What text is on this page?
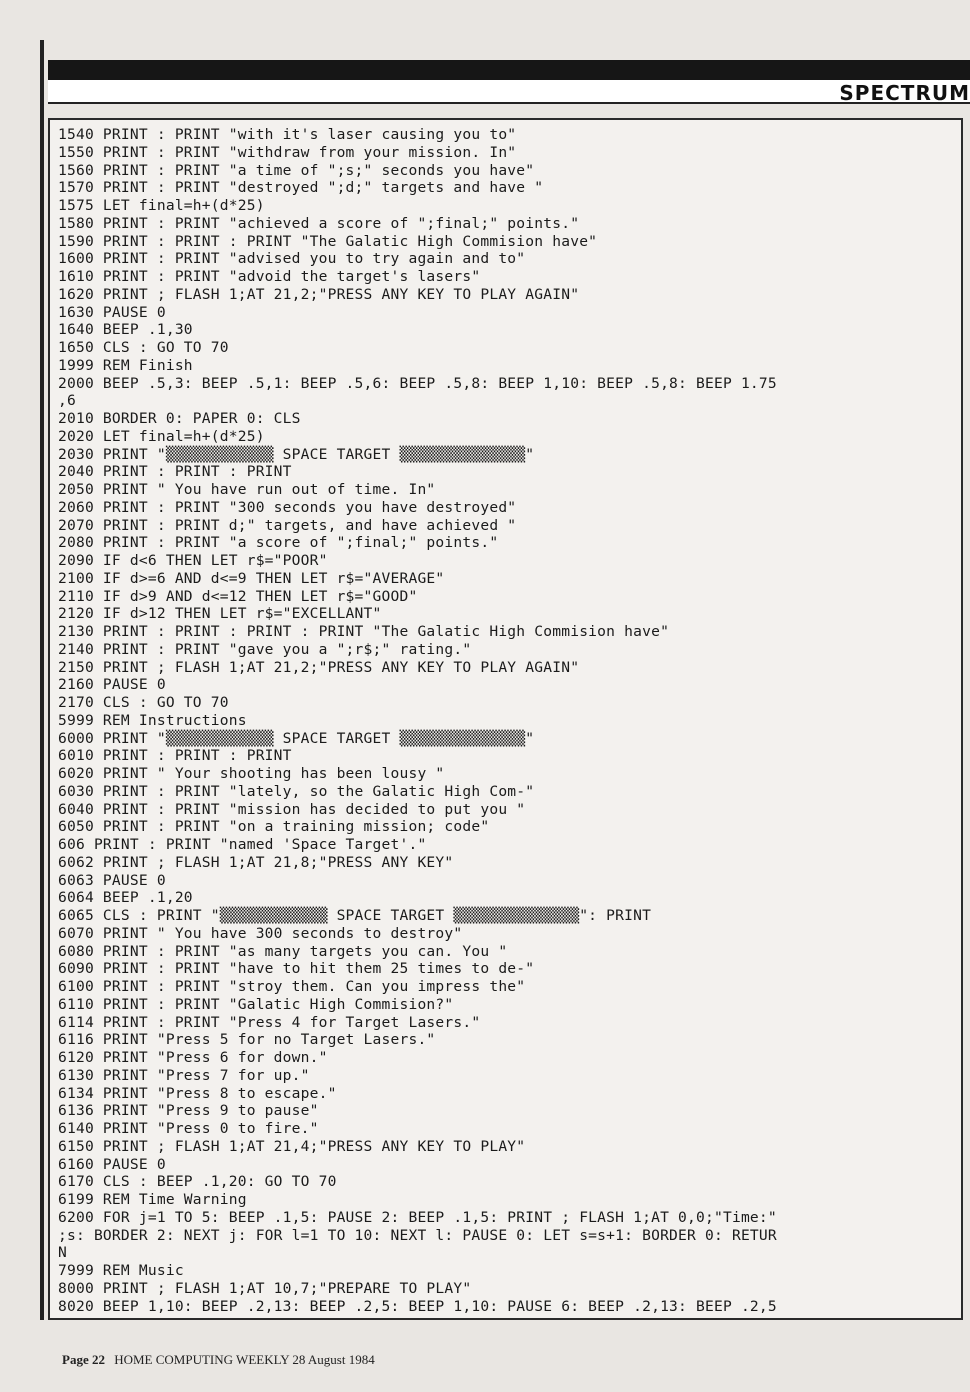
SPECTRUM
1540 PRINT : PRINT "with it's laser causing you to"
1550 PRINT : PRINT "withdraw from your mission. In"
1560 PRINT : PRINT "a time of ";s;" seconds you have"
1570 PRINT : PRINT "destroyed ";d;" targets and have "
1575 LET final=h+(d*25)
1580 PRINT : PRINT "achieved a score of ";final;" points."
1590 PRINT : PRINT : PRINT "The Galatic High Commision have"
1600 PRINT : PRINT "advised you to try again and to"
1610 PRINT : PRINT "advoid the target's lasers"
1620 PRINT ; FLASH 1;AT 21,2;"PRESS ANY KEY TO PLAY AGAIN"
1630 PAUSE 0
1640 BEEP .1,30
1650 CLS : GO TO 70
1999 REM Finish
2000 BEEP .5,3: BEEP .5,1: BEEP .5,6: BEEP .5,8: BEEP 1,10: BEEP .5,8: BEEP 1.75
,6
2010 BORDER 0: PAPER 0: CLS
2020 LET final=h+(d*25)
2030 PRINT "▒▒▒▒▒▒▒▒▒▒▒▒ SPACE TARGET ▒▒▒▒▒▒▒▒▒▒▒▒▒▒"
2040 PRINT : PRINT : PRINT
2050 PRINT " You have run out of time. In"
2060 PRINT : PRINT "300 seconds you have destroyed"
2070 PRINT : PRINT d;" targets, and have achieved "
2080 PRINT : PRINT "a score of ";final;" points."
2090 IF d<6 THEN LET r$="POOR"
2100 IF d>=6 AND d<=9 THEN LET r$="AVERAGE"
2110 IF d>9 AND d<=12 THEN LET r$="GOOD"
2120 IF d>12 THEN LET r$="EXCELLANT"
2130 PRINT : PRINT : PRINT : PRINT "The Galatic High Commision have"
2140 PRINT : PRINT "gave you a ";r$;" rating."
2150 PRINT ; FLASH 1;AT 21,2;"PRESS ANY KEY TO PLAY AGAIN"
2160 PAUSE 0
2170 CLS : GO TO 70
5999 REM Instructions
6000 PRINT "▒▒▒▒▒▒▒▒▒▒▒▒ SPACE TARGET ▒▒▒▒▒▒▒▒▒▒▒▒▒▒"
6010 PRINT : PRINT : PRINT
6020 PRINT " Your shooting has been lousy "
6030 PRINT : PRINT "lately, so the Galatic High Com-"
6040 PRINT : PRINT "mission has decided to put you "
6050 PRINT : PRINT "on a training mission; code"
606 PRINT : PRINT "named 'Space Target'."
6062 PRINT ; FLASH 1;AT 21,8;"PRESS ANY KEY"
6063 PAUSE 0
6064 BEEP .1,20
6065 CLS : PRINT "▒▒▒▒▒▒▒▒▒▒▒▒ SPACE TARGET ▒▒▒▒▒▒▒▒▒▒▒▒▒▒": PRINT
6070 PRINT " You have 300 seconds to destroy"
6080 PRINT : PRINT "as many targets you can. You "
6090 PRINT : PRINT "have to hit them 25 times to de-"
6100 PRINT : PRINT "stroy them. Can you impress the"
6110 PRINT : PRINT "Galatic High Commision?"
6114 PRINT : PRINT "Press 4 for Target Lasers."
6116 PRINT "Press 5 for no Target Lasers."
6120 PRINT "Press 6 for down."
6130 PRINT "Press 7 for up."
6134 PRINT "Press 8 to escape."
6136 PRINT "Press 9 to pause"
6140 PRINT "Press 0 to fire."
6150 PRINT ; FLASH 1;AT 21,4;"PRESS ANY KEY TO PLAY"
6160 PAUSE 0
6170 CLS : BEEP .1,20: GO TO 70
6199 REM Time Warning
6200 FOR j=1 TO 5: BEEP .1,5: PAUSE 2: BEEP .1,5: PRINT ; FLASH 1;AT 0,0;"Time:"
;s: BORDER 2: NEXT j: FOR l=1 TO 10: NEXT l: PAUSE 0: LET s=s+1: BORDER 0: RETUR
N
7999 REM Music
8000 PRINT ; FLASH 1;AT 10,7;"PREPARE TO PLAY"
8020 BEEP 1,10: BEEP .2,13: BEEP .2,5: BEEP 1,10: PAUSE 6: BEEP .2,13: BEEP .2,5
Page 22 HOME COMPUTING WEEKLY 28 August 1984
